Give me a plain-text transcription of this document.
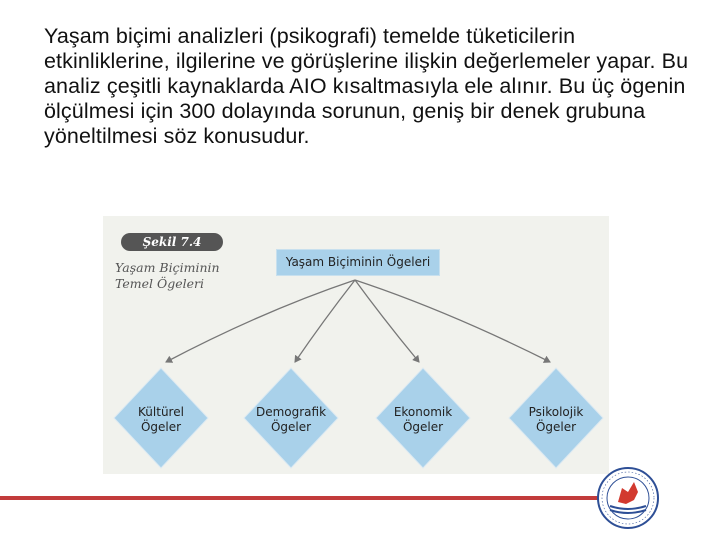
Yaşam biçimi analizleri (psikografi) temelde tüketicilerin etkinliklerine, ilgilerine ve görüşlerine ilişkin değerlemeler yapar. Bu analiz çeşitli kaynaklarda AIO kısaltmasıyla ele alınır. Bu üç ögenin ölçülmesi için 300 dolayında sorunun, geniş bir denek grubuna yöneltilmesi söz konusudur.
Şekil 7.4
Yaşam Biçiminin
Temel Ögeleri
Yaşam Biçiminin Ögeleri
Kültürel
Ögeler
Demografik
Ögeler
Ekonomik
Ögeler
Psikolojik
Ögeler
